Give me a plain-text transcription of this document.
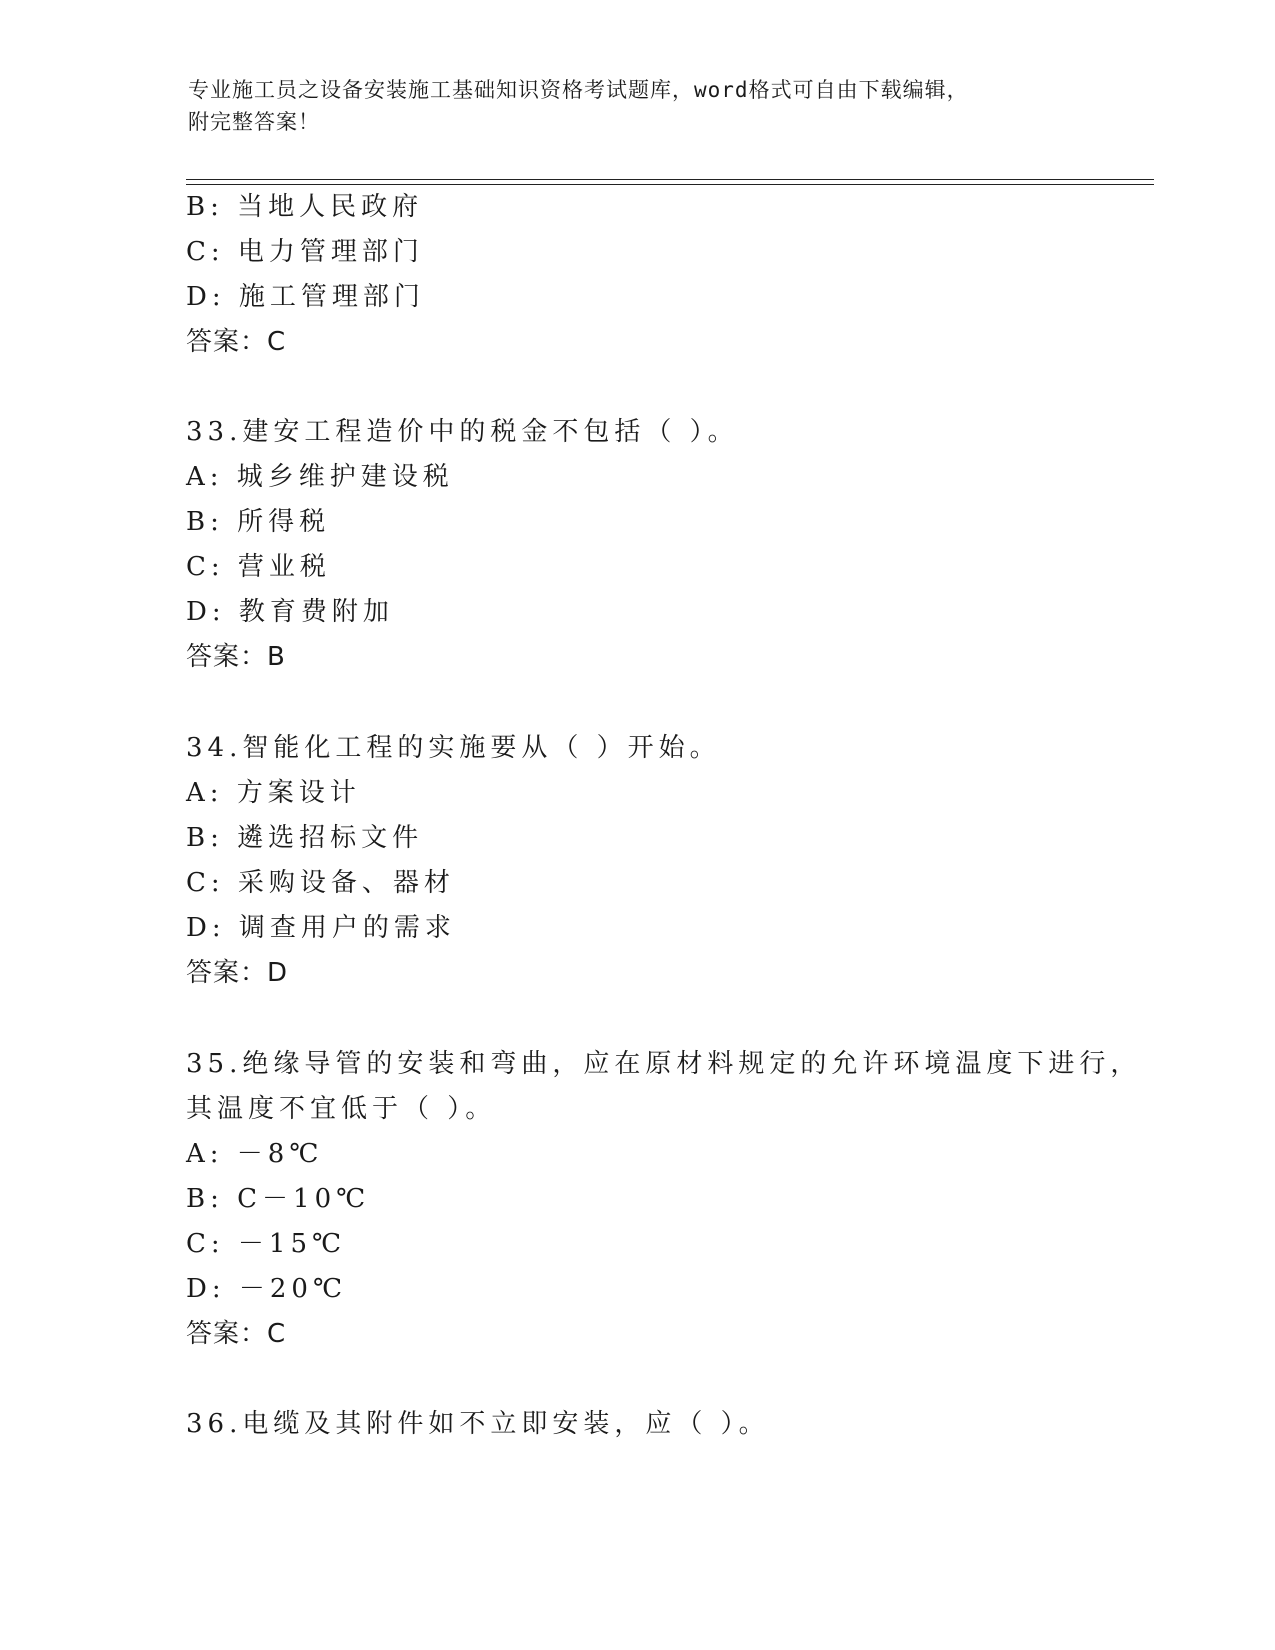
专业施工员之设备安装施工基础知识资格考试题库，word格式可自由下载编辑，
附完整答案！
B: 当地人民政府
C: 电力管理部门
D: 施工管理部门
答案：C
33.建安工程造价中的税金不包括（ ）。
A: 城乡维护建设税
B: 所得税
C: 营业税
D: 教育费附加
答案：B
34.智能化工程的实施要从（ ）开始。
A: 方案设计
B: 遴选招标文件
C: 采购设备、器材
D: 调查用户的需求
答案：D
35.绝缘导管的安装和弯曲，应在原材料规定的允许环境温度下进行，
其温度不宜低于（ ）。
A: －8℃
B: C－10℃
C: －15℃
D: －20℃
答案：C
36.电缆及其附件如不立即安装，应（ ）。
